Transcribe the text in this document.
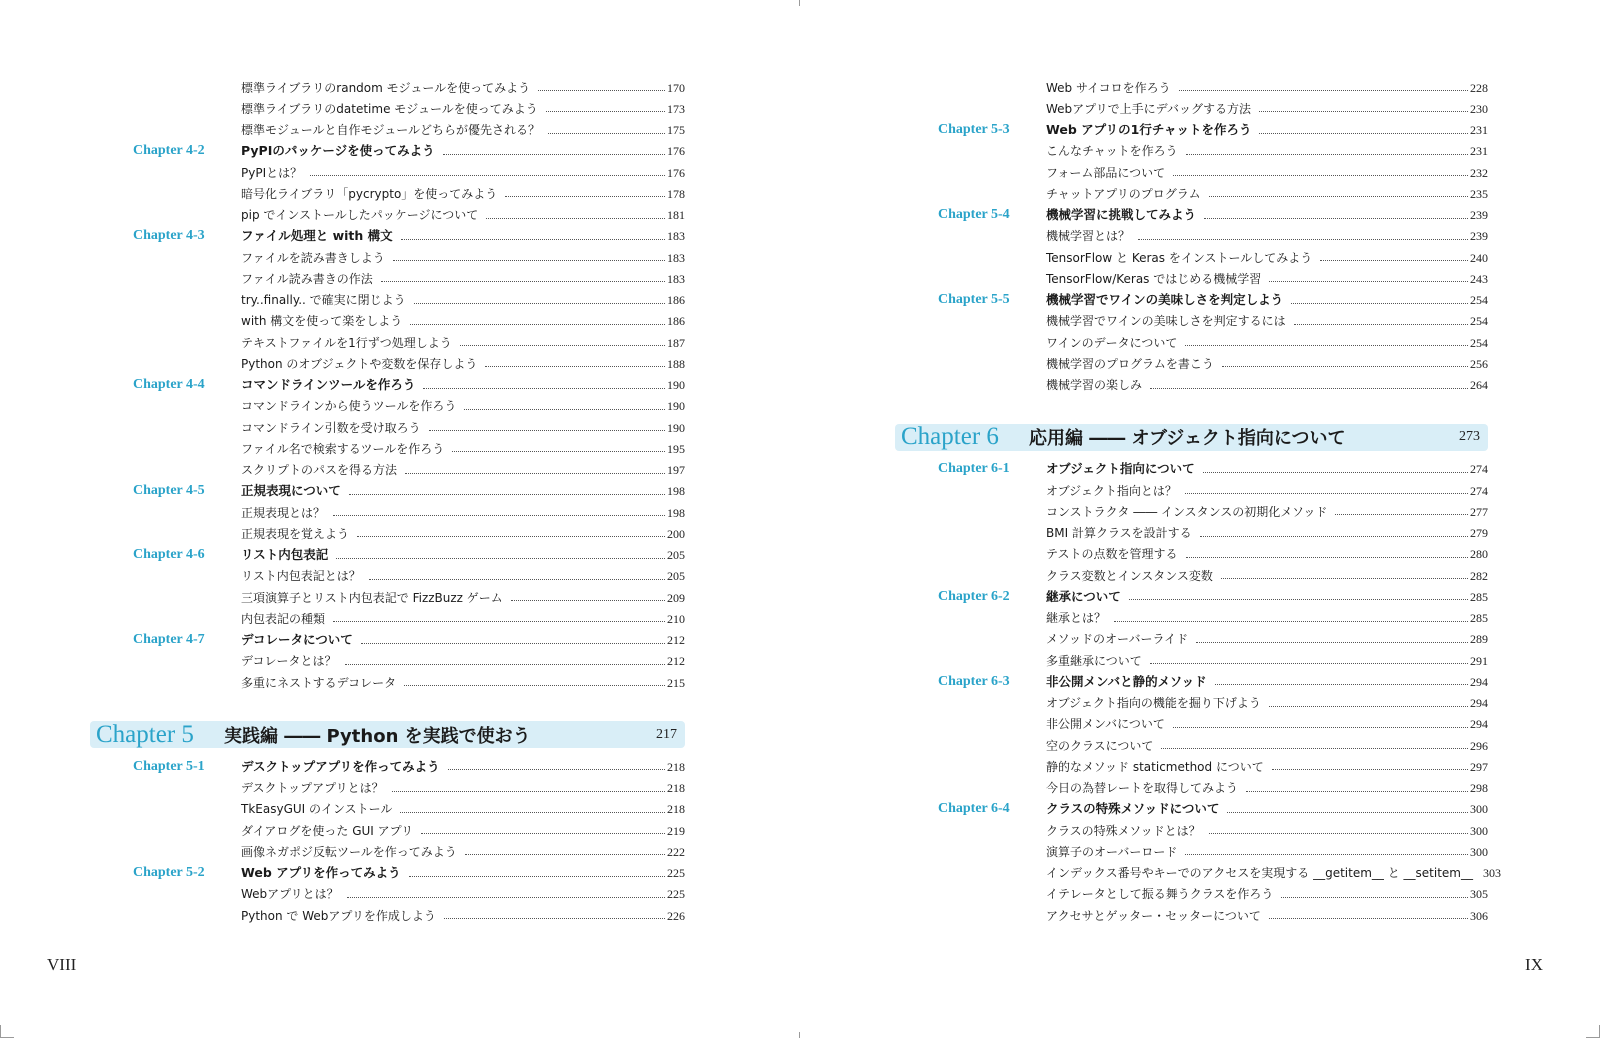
標準ライブラリのrandom モジュールを使ってみよう	170
標準ライブラリのdatetime モジュールを使ってみよう	173
標準モジュールと自作モジュールどちらが優先される？	175
Chapter 4-2	PyPIのパッケージを使ってみよう	176
PyPIとは？	176
暗号化ライブラリ「pycrypto」を使ってみよう	178
pip でインストールしたパッケージについて	181
Chapter 4-3	ファイル処理と with 構文	183
ファイルを読み書きしよう	183
ファイル読み書きの作法	183
try..finally.. で確実に閉じよう	186
with 構文を使って楽をしよう	186
テキストファイルを1行ずつ処理しよう	187
Python のオブジェクトや変数を保存しよう	188
Chapter 4-4	コマンドラインツールを作ろう	190
コマンドラインから使うツールを作ろう	190
コマンドライン引数を受け取ろう	190
ファイル名で検索するツールを作ろう	195
スクリプトのパスを得る方法	197
Chapter 4-5	正規表現について	198
正規表現とは？	198
正規表現を覚えよう	200
Chapter 4-6	リスト内包表記	205
リスト内包表記とは？	205
三項演算子とリスト内包表記で FizzBuzz ゲーム	209
内包表記の種類	210
Chapter 4-7	デコレータについて	212
デコレータとは？	212
多重にネストするデコレータ	215
Chapter 5	実践編 ―― Python を実践で使おう	217
Chapter 5-1	デスクトップアプリを作ってみよう	218
デスクトップアプリとは？	218
TkEasyGUI のインストール	218
ダイアログを使った GUI アプリ	219
画像ネガポジ反転ツールを作ってみよう	222
Chapter 5-2	Web アプリを作ってみよう	225
Webアプリとは？	225
Python で Webアプリを作成しよう	226
VIII
Web サイコロを作ろう	228
Webアプリで上手にデバッグする方法	230
Chapter 5-3	Web アプリの1行チャットを作ろう	231
こんなチャットを作ろう	231
フォーム部品について	232
チャットアプリのプログラム	235
Chapter 5-4	機械学習に挑戦してみよう	239
機械学習とは？	239
TensorFlow と Keras をインストールしてみよう	240
TensorFlow/Keras ではじめる機械学習	243
Chapter 5-5	機械学習でワインの美味しさを判定しよう	254
機械学習でワインの美味しさを判定するには	254
ワインのデータについて	254
機械学習のプログラムを書こう	256
機械学習の楽しみ	264
Chapter 6	応用編 ―― オブジェクト指向について	273
Chapter 6-1	オブジェクト指向について	274
オブジェクト指向とは？	274
コンストラクタ ―― インスタンスの初期化メソッド	277
BMI 計算クラスを設計する	279
テストの点数を管理する	280
クラス変数とインスタンス変数	282
Chapter 6-2	継承について	285
継承とは？	285
メソッドのオーバーライド	289
多重継承について	291
Chapter 6-3	非公開メンバと静的メソッド	294
オブジェクト指向の機能を掘り下げよう	294
非公開メンバについて	294
空のクラスについて	296
静的なメソッド staticmethod について	297
今日の為替レートを取得してみよう	298
Chapter 6-4	クラスの特殊メソッドについて	300
クラスの特殊メソッドとは？	300
演算子のオーバーロード	300
インデックス番号やキーでのアクセスを実現する __getitem__ と __setitem__ 303
イテレータとして振る舞うクラスを作ろう	305
アクセサとゲッター・セッターについて	306
IX
